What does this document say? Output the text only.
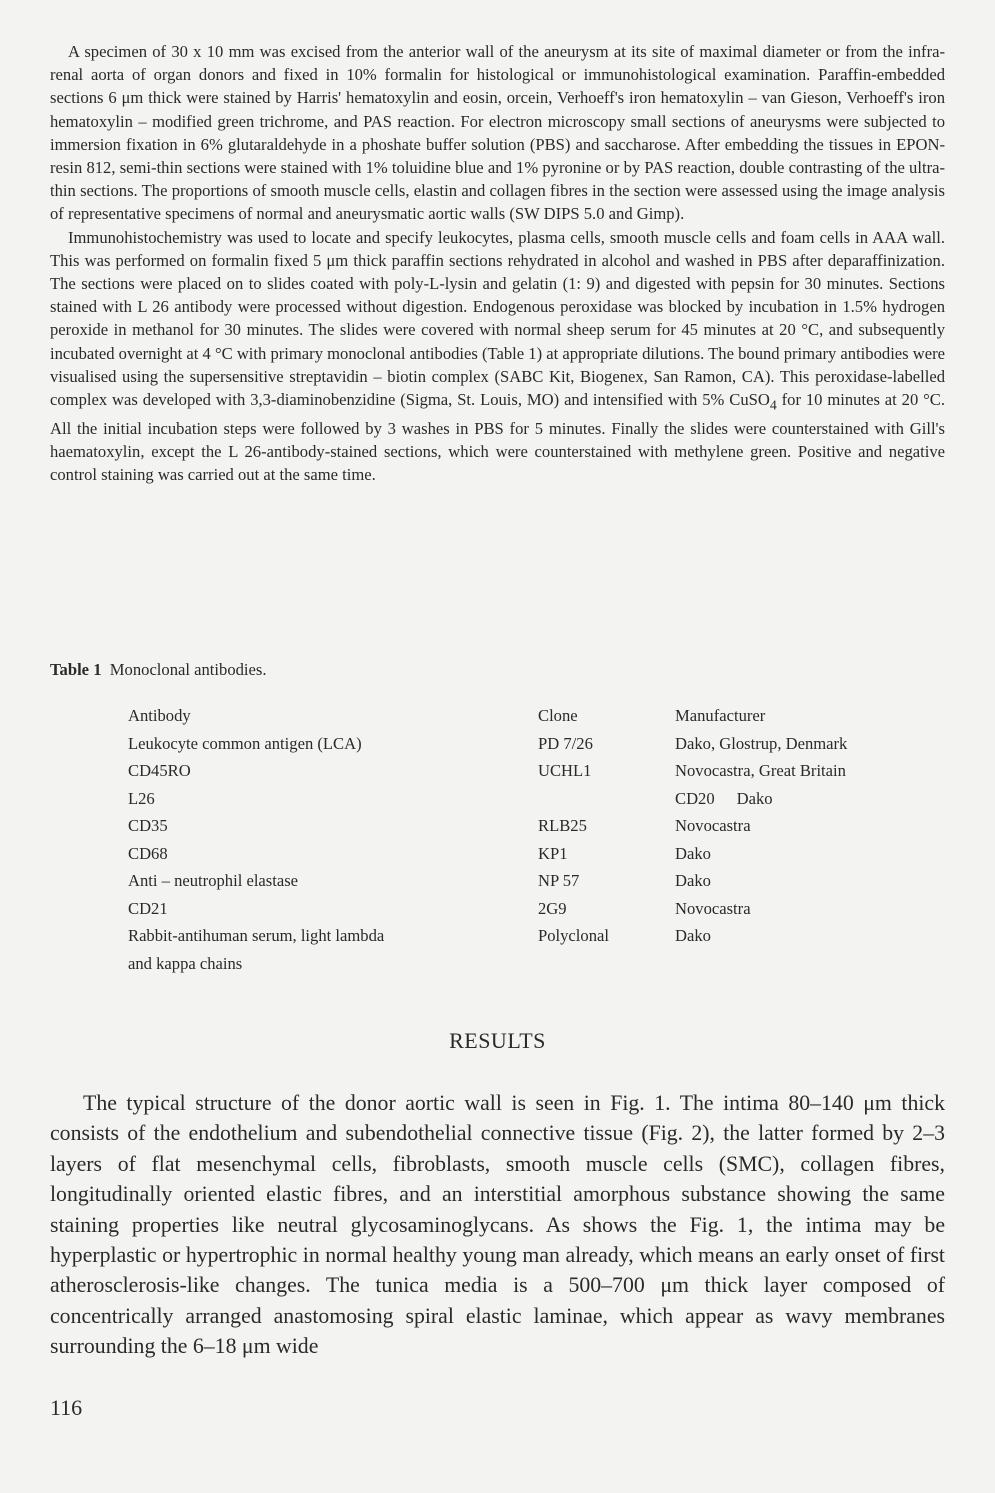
A specimen of 30 x 10 mm was excised from the anterior wall of the aneurysm at its site of maximal diameter or from the infra-renal aorta of organ donors and fixed in 10% formalin for histological or immunohistological examination. Paraffin-embedded sections 6 μm thick were stained by Harris' hematoxylin and eosin, orcein, Verhoeff's iron hematoxylin – van Gieson, Verhoeff's iron hematoxylin – modified green trichrome, and PAS reaction. For electron microscopy small sections of aneurysms were subjected to immersion fixation in 6% glutaraldehyde in a phoshate buffer solution (PBS) and saccharose. After embedding the tissues in EPON-resin 812, semi-thin sections were stained with 1% toluidine blue and 1% pyronine or by PAS reaction, double contrasting of the ultra-thin sections. The proportions of smooth muscle cells, elastin and collagen fibres in the section were assessed using the image analysis of representative specimens of normal and aneurysmatic aortic walls (SW DIPS 5.0 and Gimp).

Immunohistochemistry was used to locate and specify leukocytes, plasma cells, smooth muscle cells and foam cells in AAA wall. This was performed on formalin fixed 5 μm thick paraffin sections rehydrated in alcohol and washed in PBS after deparaffinization. The sections were placed on to slides coated with poly-L-lysin and gelatin (1: 9) and digested with pepsin for 30 minutes. Sections stained with L 26 antibody were processed without digestion. Endogenous peroxidase was blocked by incubation in 1.5% hydrogen peroxide in methanol for 30 minutes. The slides were covered with normal sheep serum for 45 minutes at 20 °C, and subsequently incubated overnight at 4 °C with primary monoclonal antibodies (Table 1) at appropriate dilutions. The bound primary antibodies were visualised using the supersensitive streptavidin – biotin complex (SABC Kit, Biogenex, San Ramon, CA). This peroxidase-labelled complex was developed with 3,3-diaminobenzidine (Sigma, St. Louis, MO) and intensified with 5% CuSO$_4$ for 10 minutes at 20 °C. All the initial incubation steps were followed by 3 washes in PBS for 5 minutes. Finally the slides were counterstained with Gill's haematoxylin, except the L 26-antibody-stained sections, which were counterstained with methylene green. Positive and negative control staining was carried out at the same time.

Table 1 Monoclonal antibodies.
Antibody	Clone	Manufacturer
Leukocyte common antigen (LCA)	PD 7/26	Dako, Glostrup, Denmark
CD45RO	UCHL1	Novocastra, Great Britain
L26		CD20 Dako
CD35	RLB25	Novocastra
CD68	KP1	Dako
Anti – neutrophil elastase	NP 57	Dako
CD21	2G9	Novocastra
Rabbit-antihuman serum, light lambda	Polyclonal	Dako
and kappa chains		
RESULTS

The typical structure of the donor aortic wall is seen in Fig. 1. The intima 80–140 μm thick consists of the endothelium and subendothelial connective tissue (Fig. 2), the latter formed by 2–3 layers of flat mesenchymal cells, fibroblasts, smooth muscle cells (SMC), collagen fibres, longitudinally oriented elastic fibres, and an interstitial amorphous substance showing the same staining properties like neutral glycosaminoglycans. As shows the Fig. 1, the intima may be hyperplastic or hypertrophic in normal healthy young man already, which means an early onset of first atherosclerosis-like changes. The tunica media is a 500–700 μm thick layer composed of concentrically arranged anastomosing spiral elastic laminae, which appear as wavy membranes surrounding the 6–18 μm wide

116
